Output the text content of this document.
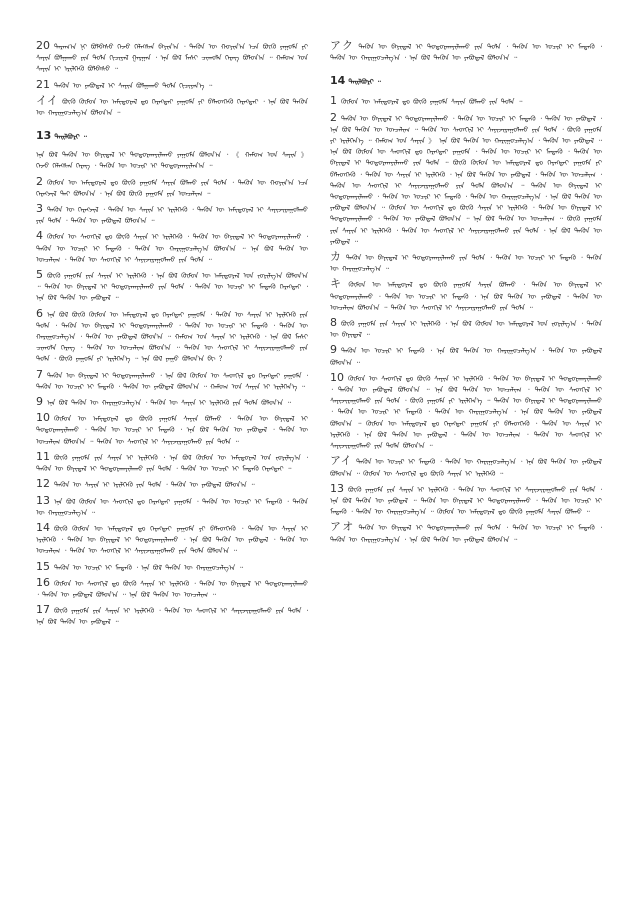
20 ᠳᠠᠷᠠᠭ᠎ᠠ ᠨᠢ ᠪᠣᠯᠪᠠᠰᠤ ᠭᠡᠵᠦ ᠬᠡᠯᠡᠭᠰᠡᠨ ᠪᠠᠶᠢᠨ᠎ᠠ ᠂ ᠲᠡᠭᠦᠨ ᠦ ᠬᠣᠶᠢᠨ᠎ᠠ ᠡᠴᠡ ᠪᠦᠬᠦ ᠶᠠᠭᠤᠮᠠ ᠶᠢ ᠰᠠᠶᠢᠨ ᠪᠣᠯᠭᠠᠬᠤ ᠶᠢᠨ ᠲᠤᠯᠠ ᠬᠢᠴᠢᠶᠡᠯ ᠭᠠᠷᠭᠠᠨ ᠂ ᠡᠨᠡ ᠪᠣᠯ ᠮᠠᠰᠢ ᠴᠢᠬᠤᠯᠠ ᠬᠡᠷᠡᠭ ᠪᠣᠯᠤᠨ᠎ᠠ ᠃ ᠬᠠᠮᠤᠭ ᠤᠨ ᠰᠠᠶᠢᠨ ᠢ ᠡᠷᠢᠯᠬᠡᠬᠦ ᠪᠣᠯᠪᠠᠰᠤ ᠃

21 ᠲᠡᠭᠦᠨ ᠦ ᠶᠠᠪᠤᠳᠠᠯ ᠢ ᠰᠠᠶᠢᠨ ᠪᠣᠯᠭᠠᠬᠤ ᠲᠤᠯᠠ ᠬᠢᠴᠢᠶᠡᠨ᠎ᠡ ᠃

イイ ᠪᠦᠬᠦ ᠬᠦᠮᠦᠨ ᠦ ᠠᠮᠢᠳᠤᠷᠠᠯ ᠳᠤ ᠬᠡᠷᠡᠭᠲᠡᠢ ᠶᠠᠭᠤᠮᠠ ᠶᠢ ᠪᠡᠯᠡᠳᠬᠡᠬᠦ ᠬᠡᠷᠡᠭᠲᠡᠢ ᠂ ᠡᠨᠡ ᠪᠣᠯ ᠲᠡᠭᠦᠨ ᠦ ᠬᠠᠷᠢᠭᠤᠴᠠᠯᠭ᠎ᠠ ᠪᠣᠯᠤᠨ᠎ᠠ ᠃

13 ᠲᠠᠢᠯᠪᠤᠷᠢ ᠃

ᠡᠨᠡ ᠪᠣᠯ ᠲᠡᠭᠦᠨ ᠦ ᠪᠠᠶᠢᠳᠠᠯ ᠢ ᠲᠣᠳᠣᠷᠬᠠᠶᠢᠯᠠᠬᠤ ᠶᠠᠭᠤᠮᠠ ᠪᠣᠯᠤᠨ᠎ᠠ ᠂ 《 ᠬᠠᠮᠤᠭ ᠤᠨ ᠰᠠᠶᠢᠨ 》 ᠭᠡᠵᠦ ᠬᠡᠯᠡᠭᠰᠡᠨ ᠬᠡᠷᠡᠭ ᠂ ᠲᠡᠭᠦᠨ ᠦ ᠤᠴᠢᠷ ᠢ ᠲᠣᠳᠣᠷᠬᠠᠶᠢᠯᠠᠨ᠎ᠠ ᠃

2 ᠬᠦᠮᠦᠨ ᠦ ᠠᠮᠢᠳᠤᠷᠠᠯ ᠳᠤ ᠪᠦᠬᠦ ᠶᠠᠭᠤᠮᠠ ᠰᠠᠶᠢᠨ ᠪᠣᠯᠬᠤ ᠶᠢᠨ ᠲᠤᠯᠠ ᠂ ᠲᠡᠭᠦᠨ ᠦ ᠬᠣᠶᠢᠨ᠎ᠠ ᠡᠴᠡ ᠬᠡᠷᠡᠭᠵᠢᠯ ᠲᠠᠢ ᠪᠣᠯᠤᠨ᠎ᠠ ᠂ ᠡᠨᠡ ᠪᠣᠯ ᠪᠦᠬᠦ ᠶᠠᠭᠤᠮᠠ ᠶᠢᠨ ᠣᠨᠴᠠᠯᠢᠭ ᠃

3 ᠲᠡᠭᠦᠨ ᠦ ᠬᠡᠷᠡᠭᠵᠢᠯ ᠂ ᠲᠡᠭᠦᠨ ᠦ ᠰᠠᠶᠢᠨ ᠢ ᠡᠷᠢᠯᠬᠡᠬᠦ ᠂ ᠲᠡᠭᠦᠨ ᠦ ᠠᠮᠢᠳᠤᠷᠠᠯ ᠢ ᠰᠠᠶᠢᠵᠢᠷᠠᠭᠤᠯᠬᠤ ᠶᠢᠨ ᠲᠤᠯᠠ ᠂ ᠲᠡᠭᠦᠨ ᠦ ᠶᠠᠪᠤᠳᠠᠯ ᠪᠣᠯᠤᠨ᠎ᠠ ᠃

4 ᠬᠦᠮᠦᠨ ᠦ ᠰᠡᠳᠬᠢᠯ ᠳᠤ ᠪᠦᠬᠦ ᠰᠠᠶᠢᠨ ᠢ ᠡᠷᠢᠯᠬᠡᠬᠦ ᠂ ᠲᠡᠭᠦᠨ ᠦ ᠪᠠᠶᠢᠳᠠᠯ ᠢ ᠲᠣᠳᠣᠷᠬᠠᠶᠢᠯᠠᠬᠤ ᠂ ᠲᠡᠭᠦᠨ ᠦ ᠤᠴᠢᠷ ᠢ ᠮᠡᠳᠡᠬᠦ ᠂ ᠲᠡᠭᠦᠨ ᠦ ᠬᠠᠷᠢᠭᠤᠴᠠᠯᠭ᠎ᠠ ᠪᠣᠯᠤᠨ᠎ᠠ ᠃ ᠡᠨᠡ ᠪᠣᠯ ᠲᠡᠭᠦᠨ ᠦ ᠣᠨᠴᠠᠯᠢᠭ ᠂ ᠲᠡᠭᠦᠨ ᠦ ᠰᠡᠳᠬᠢᠯ ᠢ ᠰᠠᠶᠢᠵᠢᠷᠠᠭᠤᠯᠬᠤ ᠶᠢᠨ ᠲᠤᠯᠠ ᠃

5 ᠪᠦᠬᠦ ᠶᠠᠭᠤᠮᠠ ᠶᠢᠨ ᠰᠠᠶᠢᠨ ᠢ ᠡᠷᠢᠯᠬᠡᠬᠦ ᠂ ᠡᠨᠡ ᠪᠣᠯ ᠬᠦᠮᠦᠨ ᠦ ᠠᠮᠢᠳᠤᠷᠠᠯ ᠤᠨ ᠵᠣᠷᠢᠯᠭ᠎ᠠ ᠪᠣᠯᠤᠨ᠎ᠠ ᠃ ᠲᠡᠭᠦᠨ ᠦ ᠪᠠᠶᠢᠳᠠᠯ ᠢ ᠲᠣᠳᠣᠷᠬᠠᠶᠢᠯᠠᠬᠤ ᠶᠢᠨ ᠲᠤᠯᠠ ᠂ ᠲᠡᠭᠦᠨ ᠦ ᠤᠴᠢᠷ ᠢ ᠮᠡᠳᠡᠬᠦ ᠬᠡᠷᠡᠭᠲᠡᠢ ᠂ ᠡᠨᠡ ᠪᠣᠯ ᠲᠡᠭᠦᠨ ᠦ ᠶᠠᠪᠤᠳᠠᠯ ᠃

6 ᠡᠨᠡ ᠪᠣᠯ ᠪᠦᠬᠦ ᠬᠦᠮᠦᠨ ᠦ ᠠᠮᠢᠳᠤᠷᠠᠯ ᠳᠤ ᠬᠡᠷᠡᠭᠲᠡᠢ ᠶᠠᠭᠤᠮᠠ ᠂ ᠲᠡᠭᠦᠨ ᠦ ᠰᠠᠶᠢᠨ ᠢ ᠡᠷᠢᠯᠬᠡᠬᠦ ᠶᠢᠨ ᠲᠤᠯᠠ ᠂ ᠲᠡᠭᠦᠨ ᠦ ᠪᠠᠶᠢᠳᠠᠯ ᠢ ᠲᠣᠳᠣᠷᠬᠠᠶᠢᠯᠠᠬᠤ ᠂ ᠲᠡᠭᠦᠨ ᠦ ᠤᠴᠢᠷ ᠢ ᠮᠡᠳᠡᠬᠦ ᠂ ᠲᠡᠭᠦᠨ ᠦ ᠬᠠᠷᠢᠭᠤᠴᠠᠯᠭ᠎ᠠ ᠂ ᠲᠡᠭᠦᠨ ᠦ ᠶᠠᠪᠤᠳᠠᠯ ᠪᠣᠯᠤᠨ᠎ᠠ ᠃ ᠬᠠᠮᠤᠭ ᠤᠨ ᠰᠠᠶᠢᠨ ᠢ ᠡᠷᠢᠯᠬᠡᠬᠦ ᠂ ᠡᠨᠡ ᠪᠣᠯ ᠮᠠᠰᠢ ᠴᠢᠬᠤᠯᠠ ᠬᠡᠷᠡᠭ ᠂ ᠲᠡᠭᠦᠨ ᠦ ᠣᠨᠴᠠᠯᠢᠭ ᠪᠣᠯᠤᠨ᠎ᠠ ᠃ ᠲᠡᠭᠦᠨ ᠦ ᠰᠡᠳᠬᠢᠯ ᠢ ᠰᠠᠶᠢᠵᠢᠷᠠᠭᠤᠯᠬᠤ ᠶᠢᠨ ᠲᠤᠯᠠ ᠂ ᠪᠦᠬᠦ ᠶᠠᠭᠤᠮᠠ ᠶᠢ ᠡᠷᠢᠯᠬᠡᠨ᠎ᠡ ᠃ ᠡᠨᠡ ᠪᠣᠯ ᠶᠠᠭᠤ ᠪᠣᠯᠤᠨ᠎ᠠ ᠪᠢ ？

7 ᠲᠡᠭᠦᠨ ᠦ ᠪᠠᠶᠢᠳᠠᠯ ᠢ ᠲᠣᠳᠣᠷᠬᠠᠶᠢᠯᠠᠬᠤ ᠂ ᠡᠨᠡ ᠪᠣᠯ ᠬᠦᠮᠦᠨ ᠦ ᠰᠡᠳᠬᠢᠯ ᠳᠤ ᠬᠡᠷᠡᠭᠲᠡᠢ ᠶᠠᠭᠤᠮᠠ ᠂ ᠲᠡᠭᠦᠨ ᠦ ᠤᠴᠢᠷ ᠢ ᠮᠡᠳᠡᠬᠦ ᠂ ᠲᠡᠭᠦᠨ ᠦ ᠶᠠᠪᠤᠳᠠᠯ ᠪᠣᠯᠤᠨ᠎ᠠ ᠃ ᠬᠠᠮᠤᠭ ᠤᠨ ᠰᠠᠶᠢᠨ ᠢ ᠡᠷᠢᠯᠬᠡᠨ᠎ᠡ ᠃

9 ᠡᠨᠡ ᠪᠣᠯ ᠲᠡᠭᠦᠨ ᠦ ᠬᠠᠷᠢᠭᠤᠴᠠᠯᠭ᠎ᠠ ᠂ ᠲᠡᠭᠦᠨ ᠦ ᠰᠠᠶᠢᠨ ᠢ ᠡᠷᠢᠯᠬᠡᠬᠦ ᠶᠢᠨ ᠲᠤᠯᠠ ᠪᠣᠯᠤᠨ᠎ᠠ ᠃

10 ᠬᠦᠮᠦᠨ ᠦ ᠠᠮᠢᠳᠤᠷᠠᠯ ᠳᠤ ᠪᠦᠬᠦ ᠶᠠᠭᠤᠮᠠ ᠰᠠᠶᠢᠨ ᠪᠣᠯᠬᠤ ᠂ ᠲᠡᠭᠦᠨ ᠦ ᠪᠠᠶᠢᠳᠠᠯ ᠢ ᠲᠣᠳᠣᠷᠬᠠᠶᠢᠯᠠᠬᠤ ᠂ ᠲᠡᠭᠦᠨ ᠦ ᠤᠴᠢᠷ ᠢ ᠮᠡᠳᠡᠬᠦ ᠂ ᠡᠨᠡ ᠪᠣᠯ ᠲᠡᠭᠦᠨ ᠦ ᠶᠠᠪᠤᠳᠠᠯ ᠂ ᠲᠡᠭᠦᠨ ᠦ ᠣᠨᠴᠠᠯᠢᠭ ᠪᠣᠯᠤᠨ᠎ᠠ ᠃ ᠲᠡᠭᠦᠨ ᠦ ᠰᠡᠳᠬᠢᠯ ᠢ ᠰᠠᠶᠢᠵᠢᠷᠠᠭᠤᠯᠬᠤ ᠶᠢᠨ ᠲᠤᠯᠠ ᠃

11 ᠪᠦᠬᠦ ᠶᠠᠭᠤᠮᠠ ᠶᠢᠨ ᠰᠠᠶᠢᠨ ᠢ ᠡᠷᠢᠯᠬᠡᠬᠦ ᠂ ᠡᠨᠡ ᠪᠣᠯ ᠬᠦᠮᠦᠨ ᠦ ᠠᠮᠢᠳᠤᠷᠠᠯ ᠤᠨ ᠵᠣᠷᠢᠯᠭ᠎ᠠ ᠂ ᠲᠡᠭᠦᠨ ᠦ ᠪᠠᠶᠢᠳᠠᠯ ᠢ ᠲᠣᠳᠣᠷᠬᠠᠶᠢᠯᠠᠬᠤ ᠶᠢᠨ ᠲᠤᠯᠠ ᠂ ᠲᠡᠭᠦᠨ ᠦ ᠤᠴᠢᠷ ᠢ ᠮᠡᠳᠡᠬᠦ ᠬᠡᠷᠡᠭᠲᠡᠢ ᠃

12 ᠲᠡᠭᠦᠨ ᠦ ᠰᠠᠶᠢᠨ ᠢ ᠡᠷᠢᠯᠬᠡᠬᠦ ᠶᠢᠨ ᠲᠤᠯᠠ ᠂ ᠲᠡᠭᠦᠨ ᠦ ᠶᠠᠪᠤᠳᠠᠯ ᠪᠣᠯᠤᠨ᠎ᠠ ᠃

13 ᠡᠨᠡ ᠪᠣᠯ ᠬᠦᠮᠦᠨ ᠦ ᠰᠡᠳᠬᠢᠯ ᠳᠤ ᠬᠡᠷᠡᠭᠲᠡᠢ ᠶᠠᠭᠤᠮᠠ ᠂ ᠲᠡᠭᠦᠨ ᠦ ᠤᠴᠢᠷ ᠢ ᠮᠡᠳᠡᠬᠦ ᠂ ᠲᠡᠭᠦᠨ ᠦ ᠬᠠᠷᠢᠭᠤᠴᠠᠯᠭ᠎ᠠ ᠃

14 ᠪᠦᠬᠦ ᠬᠦᠮᠦᠨ ᠦ ᠠᠮᠢᠳᠤᠷᠠᠯ ᠳᠤ ᠬᠡᠷᠡᠭᠲᠡᠢ ᠶᠠᠭᠤᠮᠠ ᠶᠢ ᠪᠡᠯᠡᠳᠬᠡᠬᠦ ᠂ ᠲᠡᠭᠦᠨ ᠦ ᠰᠠᠶᠢᠨ ᠢ ᠡᠷᠢᠯᠬᠡᠬᠦ ᠂ ᠲᠡᠭᠦᠨ ᠦ ᠪᠠᠶᠢᠳᠠᠯ ᠢ ᠲᠣᠳᠣᠷᠬᠠᠶᠢᠯᠠᠬᠤ ᠂ ᠡᠨᠡ ᠪᠣᠯ ᠲᠡᠭᠦᠨ ᠦ ᠶᠠᠪᠤᠳᠠᠯ ᠂ ᠲᠡᠭᠦᠨ ᠦ ᠣᠨᠴᠠᠯᠢᠭ ᠂ ᠲᠡᠭᠦᠨ ᠦ ᠰᠡᠳᠬᠢᠯ ᠢ ᠰᠠᠶᠢᠵᠢᠷᠠᠭᠤᠯᠬᠤ ᠶᠢᠨ ᠲᠤᠯᠠ ᠪᠣᠯᠤᠨ᠎ᠠ ᠃

15 ᠲᠡᠭᠦᠨ ᠦ ᠤᠴᠢᠷ ᠢ ᠮᠡᠳᠡᠬᠦ ᠂ ᠡᠨᠡ ᠪᠣᠯ ᠲᠡᠭᠦᠨ ᠦ ᠬᠠᠷᠢᠭᠤᠴᠠᠯᠭ᠎ᠠ ᠃

16 ᠬᠦᠮᠦᠨ ᠦ ᠰᠡᠳᠬᠢᠯ ᠳᠤ ᠪᠦᠬᠦ ᠰᠠᠶᠢᠨ ᠢ ᠡᠷᠢᠯᠬᠡᠬᠦ ᠂ ᠲᠡᠭᠦᠨ ᠦ ᠪᠠᠶᠢᠳᠠᠯ ᠢ ᠲᠣᠳᠣᠷᠬᠠᠶᠢᠯᠠᠬᠤ ᠂ ᠲᠡᠭᠦᠨ ᠦ ᠶᠠᠪᠤᠳᠠᠯ ᠪᠣᠯᠤᠨ᠎ᠠ ᠃ ᠡᠨᠡ ᠪᠣᠯ ᠲᠡᠭᠦᠨ ᠦ ᠣᠨᠴᠠᠯᠢᠭ ᠃

17 ᠪᠦᠬᠦ ᠶᠠᠭᠤᠮᠠ ᠶᠢᠨ ᠰᠠᠶᠢᠨ ᠢ ᠡᠷᠢᠯᠬᠡᠬᠦ ᠂ ᠲᠡᠭᠦᠨ ᠦ ᠰᠡᠳᠬᠢᠯ ᠢ ᠰᠠᠶᠢᠵᠢᠷᠠᠭᠤᠯᠬᠤ ᠶᠢᠨ ᠲᠤᠯᠠ ᠂ ᠡᠨᠡ ᠪᠣᠯ ᠲᠡᠭᠦᠨ ᠦ ᠶᠠᠪᠤᠳᠠᠯ ᠃

アク ᠲᠡᠭᠦᠨ ᠦ ᠪᠠᠶᠢᠳᠠᠯ ᠢ ᠲᠣᠳᠣᠷᠬᠠᠶᠢᠯᠠᠬᠤ ᠶᠢᠨ ᠲᠤᠯᠠ ᠂ ᠲᠡᠭᠦᠨ ᠦ ᠤᠴᠢᠷ ᠢ ᠮᠡᠳᠡᠬᠦ ᠂ ᠲᠡᠭᠦᠨ ᠦ ᠬᠠᠷᠢᠭᠤᠴᠠᠯᠭ᠎ᠠ ᠂ ᠡᠨᠡ ᠪᠣᠯ ᠲᠡᠭᠦᠨ ᠦ ᠶᠠᠪᠤᠳᠠᠯ ᠪᠣᠯᠤᠨ᠎ᠠ ᠃

14 ᠲᠠᠢᠯᠪᠤᠷᠢ ᠃

1 ᠬᠦᠮᠦᠨ ᠦ ᠠᠮᠢᠳᠤᠷᠠᠯ ᠳᠤ ᠪᠦᠬᠦ ᠶᠠᠭᠤᠮᠠ ᠰᠠᠶᠢᠨ ᠪᠣᠯᠬᠤ ᠶᠢᠨ ᠲᠤᠯᠠ ᠃

2 ᠲᠡᠭᠦᠨ ᠦ ᠪᠠᠶᠢᠳᠠᠯ ᠢ ᠲᠣᠳᠣᠷᠬᠠᠶᠢᠯᠠᠬᠤ ᠂ ᠲᠡᠭᠦᠨ ᠦ ᠤᠴᠢᠷ ᠢ ᠮᠡᠳᠡᠬᠦ ᠂ ᠲᠡᠭᠦᠨ ᠦ ᠶᠠᠪᠤᠳᠠᠯ ᠂ ᠡᠨᠡ ᠪᠣᠯ ᠲᠡᠭᠦᠨ ᠦ ᠣᠨᠴᠠᠯᠢᠭ ᠃ ᠲᠡᠭᠦᠨ ᠦ ᠰᠡᠳᠬᠢᠯ ᠢ ᠰᠠᠶᠢᠵᠢᠷᠠᠭᠤᠯᠬᠤ ᠶᠢᠨ ᠲᠤᠯᠠ ᠂ ᠪᠦᠬᠦ ᠶᠠᠭᠤᠮᠠ ᠶᠢ ᠡᠷᠢᠯᠬᠡᠨ᠎ᠡ ᠃ ᠬᠠᠮᠤᠭ ᠤᠨ ᠰᠠᠶᠢᠨ 》 ᠡᠨᠡ ᠪᠣᠯ ᠲᠡᠭᠦᠨ ᠦ ᠬᠠᠷᠢᠭᠤᠴᠠᠯᠭ᠎ᠠ ᠂ ᠲᠡᠭᠦᠨ ᠦ ᠶᠠᠪᠤᠳᠠᠯ ᠃ ᠡᠨᠡ ᠪᠣᠯ ᠬᠦᠮᠦᠨ ᠦ ᠰᠡᠳᠬᠢᠯ ᠳᠤ ᠬᠡᠷᠡᠭᠲᠡᠢ ᠶᠠᠭᠤᠮᠠ ᠂ ᠲᠡᠭᠦᠨ ᠦ ᠤᠴᠢᠷ ᠢ ᠮᠡᠳᠡᠬᠦ ᠂ ᠲᠡᠭᠦᠨ ᠦ ᠪᠠᠶᠢᠳᠠᠯ ᠢ ᠲᠣᠳᠣᠷᠬᠠᠶᠢᠯᠠᠬᠤ ᠶᠢᠨ ᠲᠤᠯᠠ ᠃ ᠪᠦᠬᠦ ᠬᠦᠮᠦᠨ ᠦ ᠠᠮᠢᠳᠤᠷᠠᠯ ᠳᠤ ᠬᠡᠷᠡᠭᠲᠡᠢ ᠶᠠᠭᠤᠮᠠ ᠶᠢ ᠪᠡᠯᠡᠳᠬᠡᠬᠦ ᠂ ᠲᠡᠭᠦᠨ ᠦ ᠰᠠᠶᠢᠨ ᠢ ᠡᠷᠢᠯᠬᠡᠬᠦ ᠂ ᠡᠨᠡ ᠪᠣᠯ ᠲᠡᠭᠦᠨ ᠦ ᠶᠠᠪᠤᠳᠠᠯ ᠂ ᠲᠡᠭᠦᠨ ᠦ ᠣᠨᠴᠠᠯᠢᠭ ᠂ ᠲᠡᠭᠦᠨ ᠦ ᠰᠡᠳᠬᠢᠯ ᠢ ᠰᠠᠶᠢᠵᠢᠷᠠᠭᠤᠯᠬᠤ ᠶᠢᠨ ᠲᠤᠯᠠ ᠪᠣᠯᠤᠨ᠎ᠠ ᠃ ᠲᠡᠭᠦᠨ ᠦ ᠪᠠᠶᠢᠳᠠᠯ ᠢ ᠲᠣᠳᠣᠷᠬᠠᠶᠢᠯᠠᠬᠤ ᠂ ᠲᠡᠭᠦᠨ ᠦ ᠤᠴᠢᠷ ᠢ ᠮᠡᠳᠡᠬᠦ ᠂ ᠲᠡᠭᠦᠨ ᠦ ᠬᠠᠷᠢᠭᠤᠴᠠᠯᠭ᠎ᠠ ᠂ ᠡᠨᠡ ᠪᠣᠯ ᠲᠡᠭᠦᠨ ᠦ ᠶᠠᠪᠤᠳᠠᠯ ᠪᠣᠯᠤᠨ᠎ᠠ ᠃ ᠬᠦᠮᠦᠨ ᠦ ᠰᠡᠳᠬᠢᠯ ᠳᠤ ᠪᠦᠬᠦ ᠰᠠᠶᠢᠨ ᠢ ᠡᠷᠢᠯᠬᠡᠬᠦ ᠂ ᠲᠡᠭᠦᠨ ᠦ ᠪᠠᠶᠢᠳᠠᠯ ᠢ ᠲᠣᠳᠣᠷᠬᠠᠶᠢᠯᠠᠬᠤ ᠂ ᠲᠡᠭᠦᠨ ᠦ ᠶᠠᠪᠤᠳᠠᠯ ᠪᠣᠯᠤᠨ᠎ᠠ ᠃ ᠡᠨᠡ ᠪᠣᠯ ᠲᠡᠭᠦᠨ ᠦ ᠣᠨᠴᠠᠯᠢᠭ ᠃ ᠪᠦᠬᠦ ᠶᠠᠭᠤᠮᠠ ᠶᠢᠨ ᠰᠠᠶᠢᠨ ᠢ ᠡᠷᠢᠯᠬᠡᠬᠦ ᠂ ᠲᠡᠭᠦᠨ ᠦ ᠰᠡᠳᠬᠢᠯ ᠢ ᠰᠠᠶᠢᠵᠢᠷᠠᠭᠤᠯᠬᠤ ᠶᠢᠨ ᠲᠤᠯᠠ ᠂ ᠡᠨᠡ ᠪᠣᠯ ᠲᠡᠭᠦᠨ ᠦ ᠶᠠᠪᠤᠳᠠᠯ ᠃

カᠲᠡᠭᠦᠨ ᠦ ᠪᠠᠶᠢᠳᠠᠯ ᠢ ᠲᠣᠳᠣᠷᠬᠠᠶᠢᠯᠠᠬᠤ ᠶᠢᠨ ᠲᠤᠯᠠ ᠂ ᠲᠡᠭᠦᠨ ᠦ ᠤᠴᠢᠷ ᠢ ᠮᠡᠳᠡᠬᠦ ᠂ ᠲᠡᠭᠦᠨ ᠦ ᠬᠠᠷᠢᠭᠤᠴᠠᠯᠭ᠎ᠠ ᠃

キᠬᠦᠮᠦᠨ ᠦ ᠠᠮᠢᠳᠤᠷᠠᠯ ᠳᠤ ᠪᠦᠬᠦ ᠶᠠᠭᠤᠮᠠ ᠰᠠᠶᠢᠨ ᠪᠣᠯᠬᠤ ᠂ ᠲᠡᠭᠦᠨ ᠦ ᠪᠠᠶᠢᠳᠠᠯ ᠢ ᠲᠣᠳᠣᠷᠬᠠᠶᠢᠯᠠᠬᠤ ᠂ ᠲᠡᠭᠦᠨ ᠦ ᠤᠴᠢᠷ ᠢ ᠮᠡᠳᠡᠬᠦ ᠂ ᠡᠨᠡ ᠪᠣᠯ ᠲᠡᠭᠦᠨ ᠦ ᠶᠠᠪᠤᠳᠠᠯ ᠂ ᠲᠡᠭᠦᠨ ᠦ ᠣᠨᠴᠠᠯᠢᠭ ᠪᠣᠯᠤᠨ᠎ᠠ ᠃ ᠲᠡᠭᠦᠨ ᠦ ᠰᠡᠳᠬᠢᠯ ᠢ ᠰᠠᠶᠢᠵᠢᠷᠠᠭᠤᠯᠬᠤ ᠶᠢᠨ ᠲᠤᠯᠠ ᠃

8 ᠪᠦᠬᠦ ᠶᠠᠭᠤᠮᠠ ᠶᠢᠨ ᠰᠠᠶᠢᠨ ᠢ ᠡᠷᠢᠯᠬᠡᠬᠦ ᠂ ᠡᠨᠡ ᠪᠣᠯ ᠬᠦᠮᠦᠨ ᠦ ᠠᠮᠢᠳᠤᠷᠠᠯ ᠤᠨ ᠵᠣᠷᠢᠯᠭ᠎ᠠ ᠂ ᠲᠡᠭᠦᠨ ᠦ ᠪᠠᠶᠢᠳᠠᠯ ᠃

9 ᠲᠡᠭᠦᠨ ᠦ ᠤᠴᠢᠷ ᠢ ᠮᠡᠳᠡᠬᠦ ᠂ ᠡᠨᠡ ᠪᠣᠯ ᠲᠡᠭᠦᠨ ᠦ ᠬᠠᠷᠢᠭᠤᠴᠠᠯᠭ᠎ᠠ ᠂ ᠲᠡᠭᠦᠨ ᠦ ᠶᠠᠪᠤᠳᠠᠯ ᠪᠣᠯᠤᠨ᠎ᠠ ᠃

10 ᠬᠦᠮᠦᠨ ᠦ ᠰᠡᠳᠬᠢᠯ ᠳᠤ ᠪᠦᠬᠦ ᠰᠠᠶᠢᠨ ᠢ ᠡᠷᠢᠯᠬᠡᠬᠦ ᠂ ᠲᠡᠭᠦᠨ ᠦ ᠪᠠᠶᠢᠳᠠᠯ ᠢ ᠲᠣᠳᠣᠷᠬᠠᠶᠢᠯᠠᠬᠤ ᠂ ᠲᠡᠭᠦᠨ ᠦ ᠶᠠᠪᠤᠳᠠᠯ ᠪᠣᠯᠤᠨ᠎ᠠ ᠃ ᠡᠨᠡ ᠪᠣᠯ ᠲᠡᠭᠦᠨ ᠦ ᠣᠨᠴᠠᠯᠢᠭ ᠂ ᠲᠡᠭᠦᠨ ᠦ ᠰᠡᠳᠬᠢᠯ ᠢ ᠰᠠᠶᠢᠵᠢᠷᠠᠭᠤᠯᠬᠤ ᠶᠢᠨ ᠲᠤᠯᠠ ᠂ ᠪᠦᠬᠦ ᠶᠠᠭᠤᠮᠠ ᠶᠢ ᠡᠷᠢᠯᠬᠡᠨ᠎ᠡ ᠃ ᠲᠡᠭᠦᠨ ᠦ ᠪᠠᠶᠢᠳᠠᠯ ᠢ ᠲᠣᠳᠣᠷᠬᠠᠶᠢᠯᠠᠬᠤ ᠂ ᠲᠡᠭᠦᠨ ᠦ ᠤᠴᠢᠷ ᠢ ᠮᠡᠳᠡᠬᠦ ᠂ ᠲᠡᠭᠦᠨ ᠦ ᠬᠠᠷᠢᠭᠤᠴᠠᠯᠭ᠎ᠠ ᠂ ᠡᠨᠡ ᠪᠣᠯ ᠲᠡᠭᠦᠨ ᠦ ᠶᠠᠪᠤᠳᠠᠯ ᠪᠣᠯᠤᠨ᠎ᠠ ᠃ ᠬᠦᠮᠦᠨ ᠦ ᠠᠮᠢᠳᠤᠷᠠᠯ ᠳᠤ ᠬᠡᠷᠡᠭᠲᠡᠢ ᠶᠠᠭᠤᠮᠠ ᠶᠢ ᠪᠡᠯᠡᠳᠬᠡᠬᠦ ᠂ ᠲᠡᠭᠦᠨ ᠦ ᠰᠠᠶᠢᠨ ᠢ ᠡᠷᠢᠯᠬᠡᠬᠦ ᠂ ᠡᠨᠡ ᠪᠣᠯ ᠲᠡᠭᠦᠨ ᠦ ᠶᠠᠪᠤᠳᠠᠯ ᠂ ᠲᠡᠭᠦᠨ ᠦ ᠣᠨᠴᠠᠯᠢᠭ ᠂ ᠲᠡᠭᠦᠨ ᠦ ᠰᠡᠳᠬᠢᠯ ᠢ ᠰᠠᠶᠢᠵᠢᠷᠠᠭᠤᠯᠬᠤ ᠶᠢᠨ ᠲᠤᠯᠠ ᠪᠣᠯᠤᠨ᠎ᠠ ᠃

アイ ᠲᠡᠭᠦᠨ ᠦ ᠤᠴᠢᠷ ᠢ ᠮᠡᠳᠡᠬᠦ ᠂ ᠲᠡᠭᠦᠨ ᠦ ᠬᠠᠷᠢᠭᠤᠴᠠᠯᠭ᠎ᠠ ᠂ ᠡᠨᠡ ᠪᠣᠯ ᠲᠡᠭᠦᠨ ᠦ ᠶᠠᠪᠤᠳᠠᠯ ᠪᠣᠯᠤᠨ᠎ᠠ ᠃ ᠬᠦᠮᠦᠨ ᠦ ᠰᠡᠳᠬᠢᠯ ᠳᠤ ᠪᠦᠬᠦ ᠰᠠᠶᠢᠨ ᠢ ᠡᠷᠢᠯᠬᠡᠬᠦ ᠃

13 ᠪᠦᠬᠦ ᠶᠠᠭᠤᠮᠠ ᠶᠢᠨ ᠰᠠᠶᠢᠨ ᠢ ᠡᠷᠢᠯᠬᠡᠬᠦ ᠂ ᠲᠡᠭᠦᠨ ᠦ ᠰᠡᠳᠬᠢᠯ ᠢ ᠰᠠᠶᠢᠵᠢᠷᠠᠭᠤᠯᠬᠤ ᠶᠢᠨ ᠲᠤᠯᠠ ᠂ ᠡᠨᠡ ᠪᠣᠯ ᠲᠡᠭᠦᠨ ᠦ ᠶᠠᠪᠤᠳᠠᠯ ᠃ ᠲᠡᠭᠦᠨ ᠦ ᠪᠠᠶᠢᠳᠠᠯ ᠢ ᠲᠣᠳᠣᠷᠬᠠᠶᠢᠯᠠᠬᠤ ᠂ ᠲᠡᠭᠦᠨ ᠦ ᠤᠴᠢᠷ ᠢ ᠮᠡᠳᠡᠬᠦ ᠂ ᠲᠡᠭᠦᠨ ᠦ ᠬᠠᠷᠢᠭᠤᠴᠠᠯᠭ᠎ᠠ ᠃ ᠬᠦᠮᠦᠨ ᠦ ᠠᠮᠢᠳᠤᠷᠠᠯ ᠳᠤ ᠪᠦᠬᠦ ᠶᠠᠭᠤᠮᠠ ᠰᠠᠶᠢᠨ ᠪᠣᠯᠬᠤ ᠃

アオ ᠲᠡᠭᠦᠨ ᠦ ᠪᠠᠶᠢᠳᠠᠯ ᠢ ᠲᠣᠳᠣᠷᠬᠠᠶᠢᠯᠠᠬᠤ ᠶᠢᠨ ᠲᠤᠯᠠ ᠂ ᠲᠡᠭᠦᠨ ᠦ ᠤᠴᠢᠷ ᠢ ᠮᠡᠳᠡᠬᠦ ᠂ ᠲᠡᠭᠦᠨ ᠦ ᠬᠠᠷᠢᠭᠤᠴᠠᠯᠭ᠎ᠠ ᠂ ᠡᠨᠡ ᠪᠣᠯ ᠲᠡᠭᠦᠨ ᠦ ᠶᠠᠪᠤᠳᠠᠯ ᠪᠣᠯᠤᠨ᠎ᠠ ᠃
